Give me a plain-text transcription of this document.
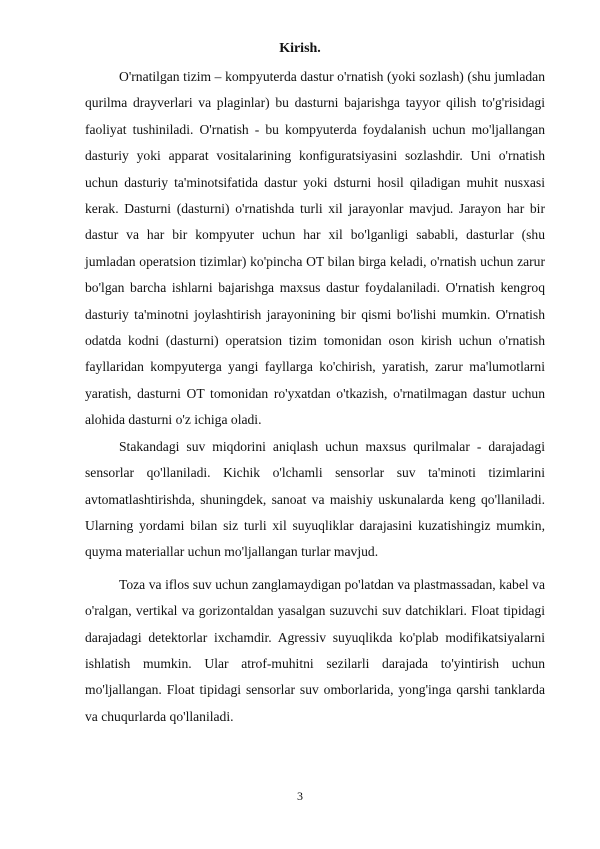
Kirish.

O'rnatilgan tizim – kompyuterda dastur o'rnatish (yoki sozlash) (shu jumladan qurilma drayverlari va plaginlar) bu dasturni bajarishga tayyor qilish to'g'risidagi faoliyat tushiniladi. O'rnatish - bu kompyuterda foydalanish uchun mo'ljallangan dasturiy yoki apparat vositalarining konfiguratsiyasini sozlashdir. Uni o'rnatish uchun dasturiy ta'minotsifatida dastur yoki dsturni hosil qiladigan muhit nusxasi kerak. Dasturni (dasturni) o'rnatishda turli xil jarayonlar mavjud. Jarayon har bir dastur va har bir kompyuter uchun har xil bo'lganligi sababli, dasturlar (shu jumladan operatsion tizimlar) ko'pincha OT bilan birga keladi, o'rnatish uchun zarur bo'lgan barcha ishlarni bajarishga maxsus dastur foydalaniladi. O'rnatish kengroq dasturiy ta'minotni joylashtirish jarayonining bir qismi bo'lishi mumkin. O'rnatish odatda kodni (dasturni) operatsion tizim tomonidan oson kirish uchun o'rnatish fayllaridan kompyuterga yangi fayllarga ko'chirish, yaratish, zarur ma'lumotlarni yaratish, dasturni OT tomonidan ro'yxatdan o'tkazish, o'rnatilmagan dastur uchun alohida dasturni o'z ichiga oladi.

Stakandagi suv miqdorini aniqlash uchun maxsus qurilmalar - darajadagi sensorlar qo'llaniladi. Kichik o'lchamli sensorlar suv ta'minoti tizimlarini avtomatlashtirishda, shuningdek, sanoat va maishiy uskunalarda keng qo'llaniladi. Ularning yordami bilan siz turli xil suyuqliklar darajasini kuzatishingiz mumkin, quyma materiallar uchun mo'ljallangan turlar mavjud.

Toza va iflos suv uchun zanglamaydigan po'latdan va plastmassadan, kabel va o'ralgan, vertikal va gorizontaldan yasalgan suzuvchi suv datchiklari. Float tipidagi darajadagi detektorlar ixchamdir. Agressiv suyuqlikda ko'plab modifikatsiyalarni ishlatish mumkin. Ular atrof-muhitni sezilarli darajada to'yintirish uchun mo'ljallangan. Float tipidagi sensorlar suv omborlarida, yong'inga qarshi tanklarda va chuqurlarda qo'llaniladi.

3
